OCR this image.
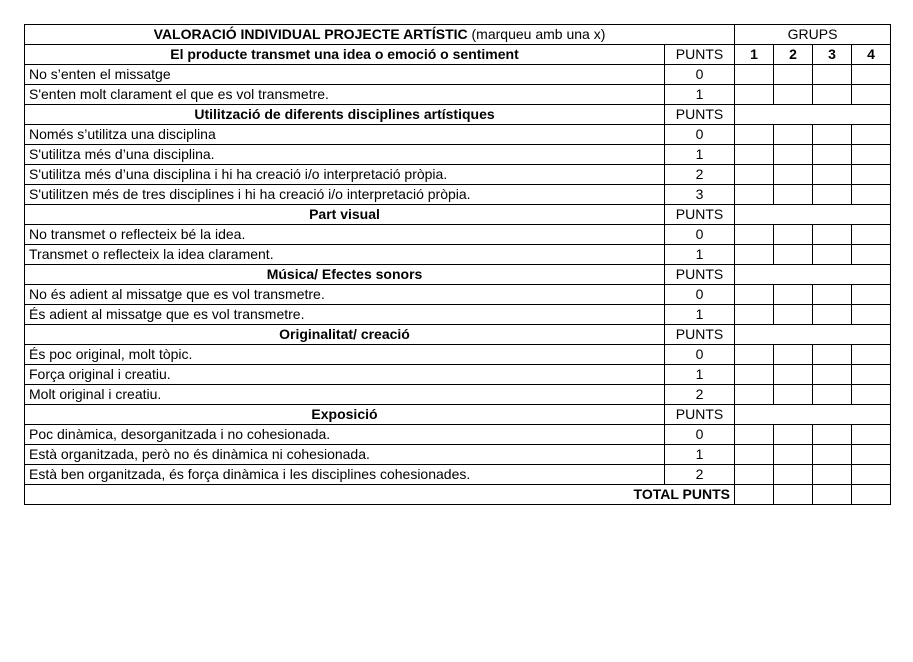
VALORACIÓ INDIVIDUAL PROJECTE ARTÍSTIC (marqueu amb una x)		GRUPS			
El producte transmet una idea o emoció o sentiment	PUNTS	1	2	3	4
No s’enten el missatge	0				
S'enten molt clarament el que es vol transmetre.	1				
Utilització de diferents disciplines artístiques	PUNTS				
Només s’utilitza una disciplina	0				
S'utilitza més d’una disciplina.	1				
S'utilitza més d’una disciplina i hi ha creació i/o interpretació pròpia.	2				
S'utilitzen més de tres disciplines i hi ha creació i/o interpretació pròpia.	3				
Part visual	PUNTS				
No transmet o reflecteix bé la idea.	0				
Transmet o reflecteix la idea clarament.	1				
Música/ Efectes sonors	PUNTS				
No és adient al missatge que es vol transmetre.	0				
És adient al missatge que es vol transmetre.	1				
Originalitat/ creació	PUNTS				
És poc original, molt tòpic.	0				
Força original i creatiu.	1				
Molt original i creatiu.	2				
Exposició	PUNTS				
Poc dinàmica, desorganitzada i no cohesionada.	0				
Està organitzada, però no és dinàmica ni cohesionada.	1				
Està ben organitzada, és força dinàmica i les disciplines cohesionades.	2				
TOTAL PUNTS					
